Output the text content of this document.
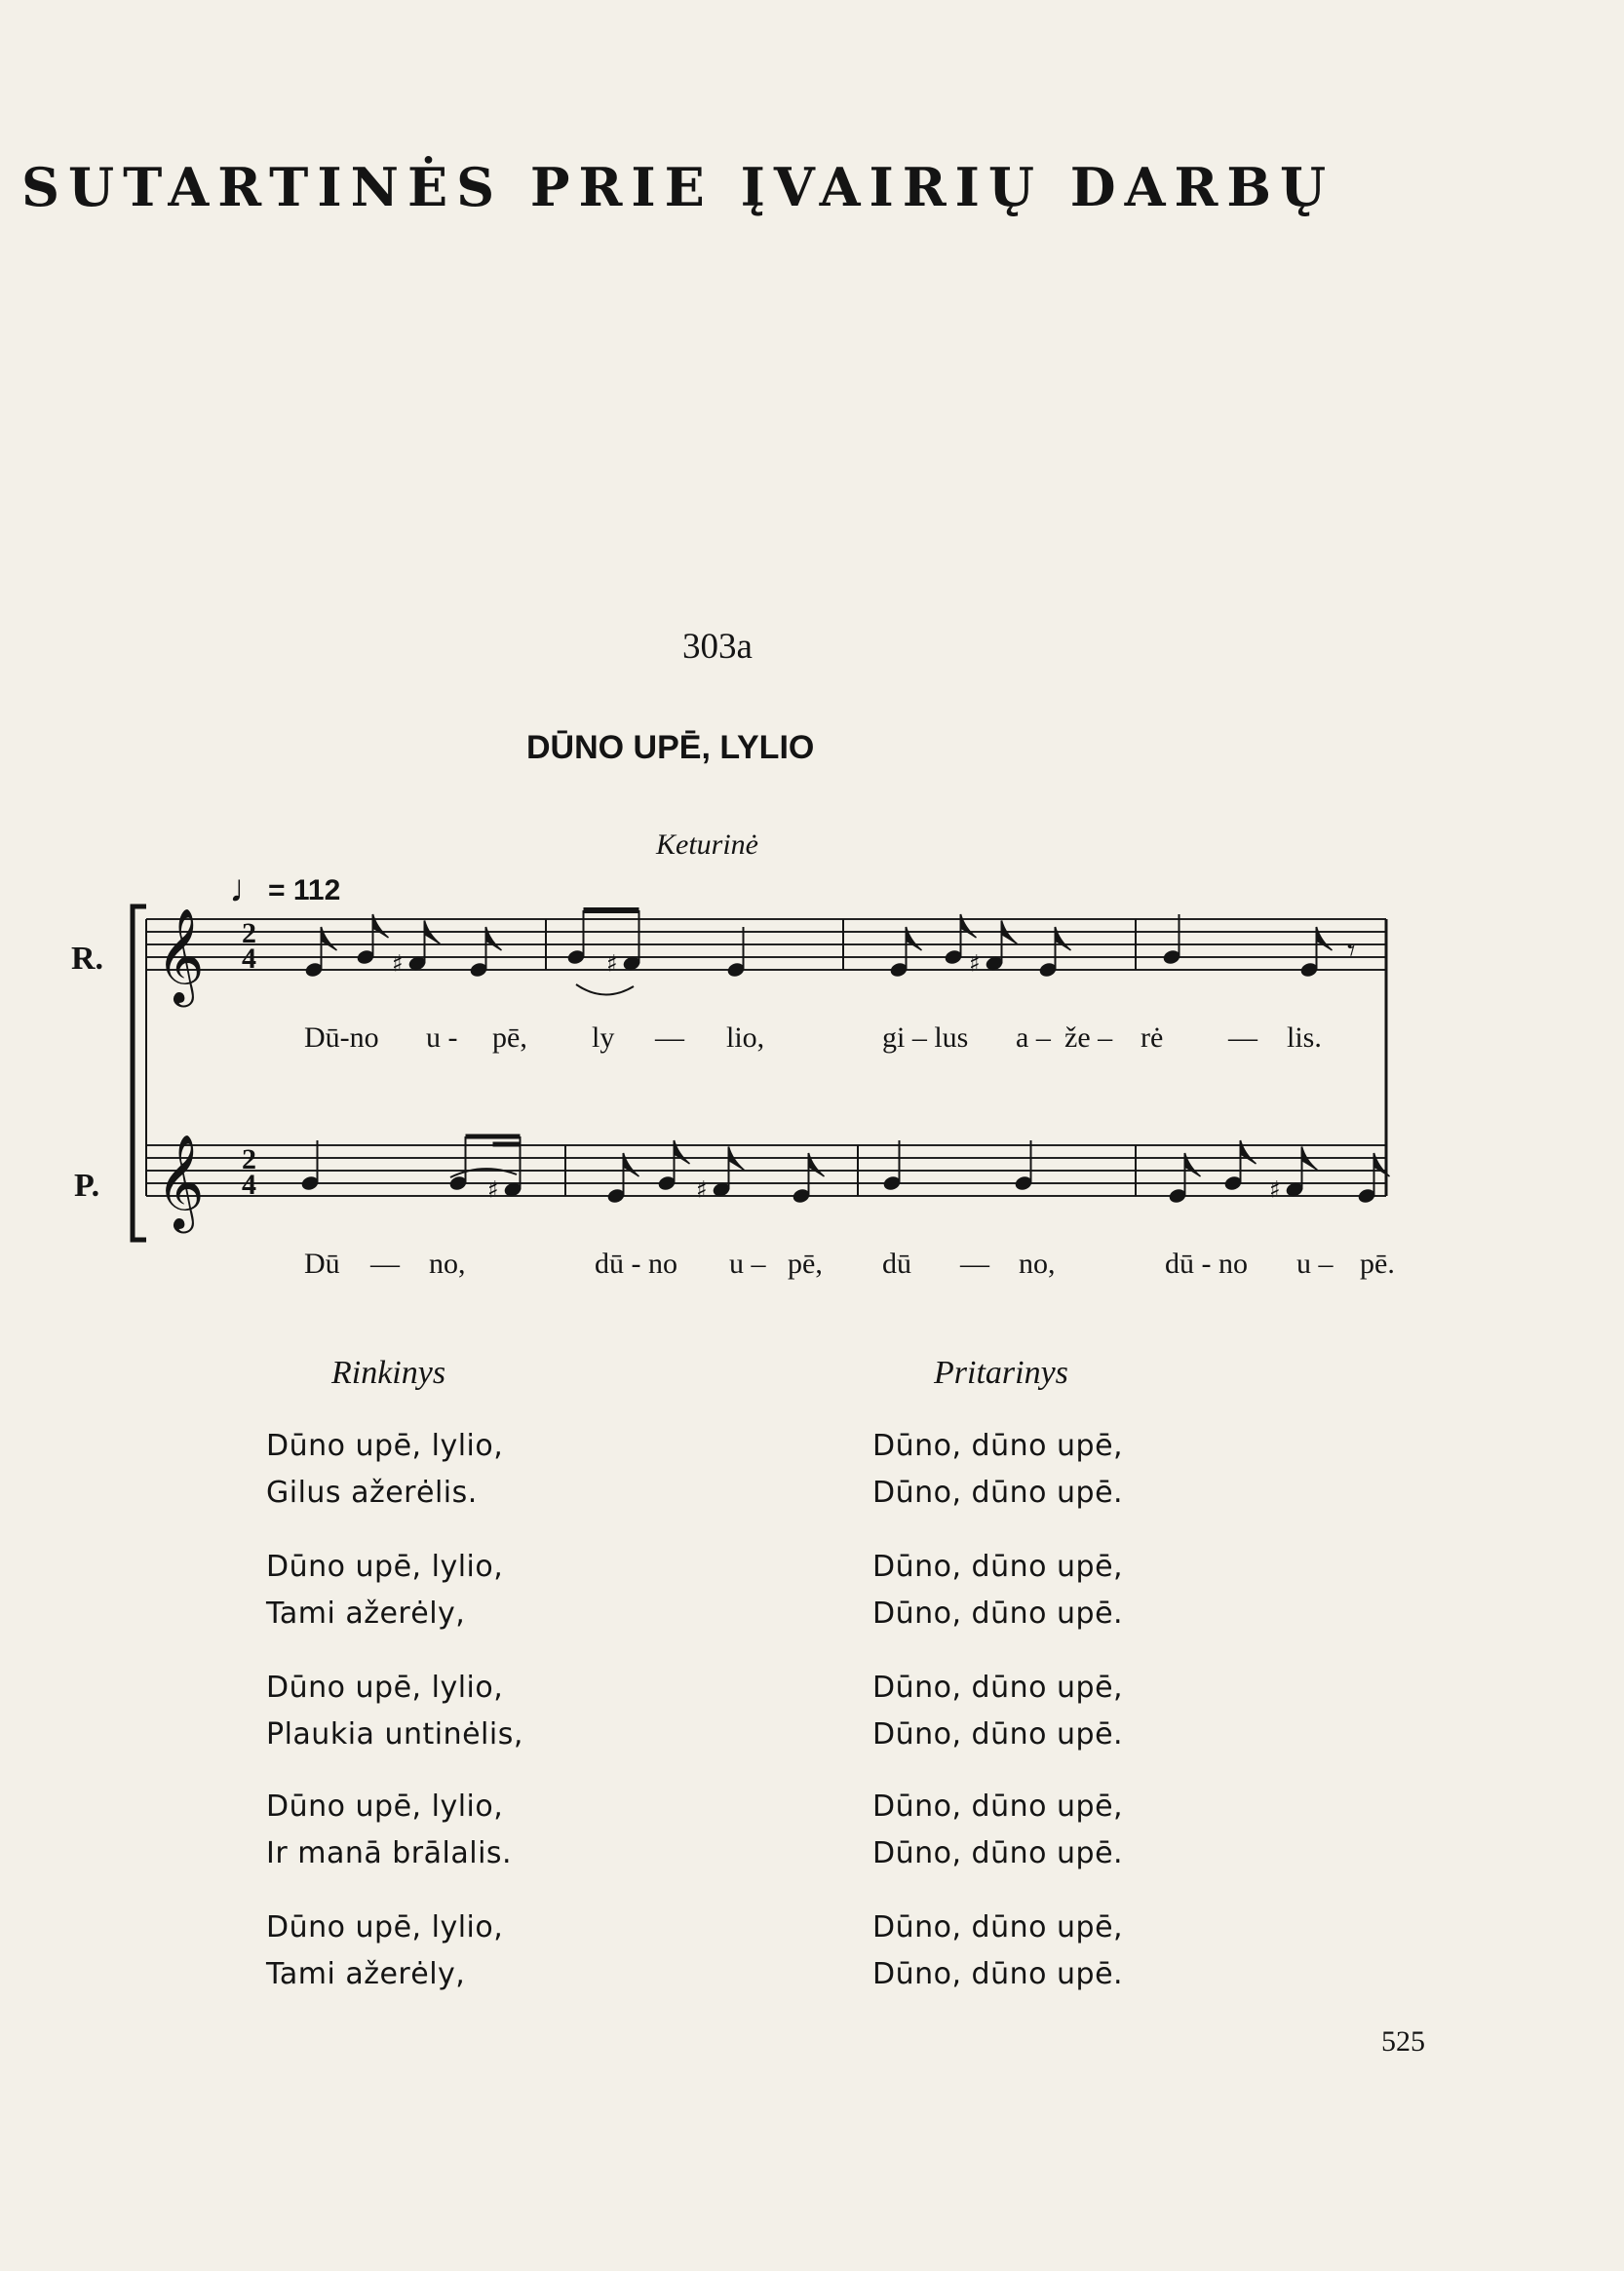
SUTARTINĖS PRIE ĮVAIRIŲ DARBŲ
303a
DŪNO UPĒ, LYLIO
Keturinė
♩= 112
𝄞 2
4
𝄞 2
4
♯	♯	♯	𝄾
♯	♯	♯
R.
P.
Dū-no u - pē, ly — lio,	gi – lus a – že – rė — lis.
Dū — no,	dū - no u – pē, dū — no,	dū - no u – pē.
Rinkinys	Pritarinys
Dūno upē, lylio,
Gilus ažerėlis.
Dūno upē, lylio,
Tami ažerėly,
Dūno upē, lylio,
Plaukia untinėlis,
Dūno upē, lylio,
Ir manā brālalis.
Dūno upē, lylio,
Tami ažerėly,
Dūno, dūno upē,
Dūno, dūno upē.
Dūno, dūno upē,
Dūno, dūno upē.
Dūno, dūno upē,
Dūno, dūno upē.
Dūno, dūno upē,
Dūno, dūno upē.
Dūno, dūno upē,
Dūno, dūno upē.
525
